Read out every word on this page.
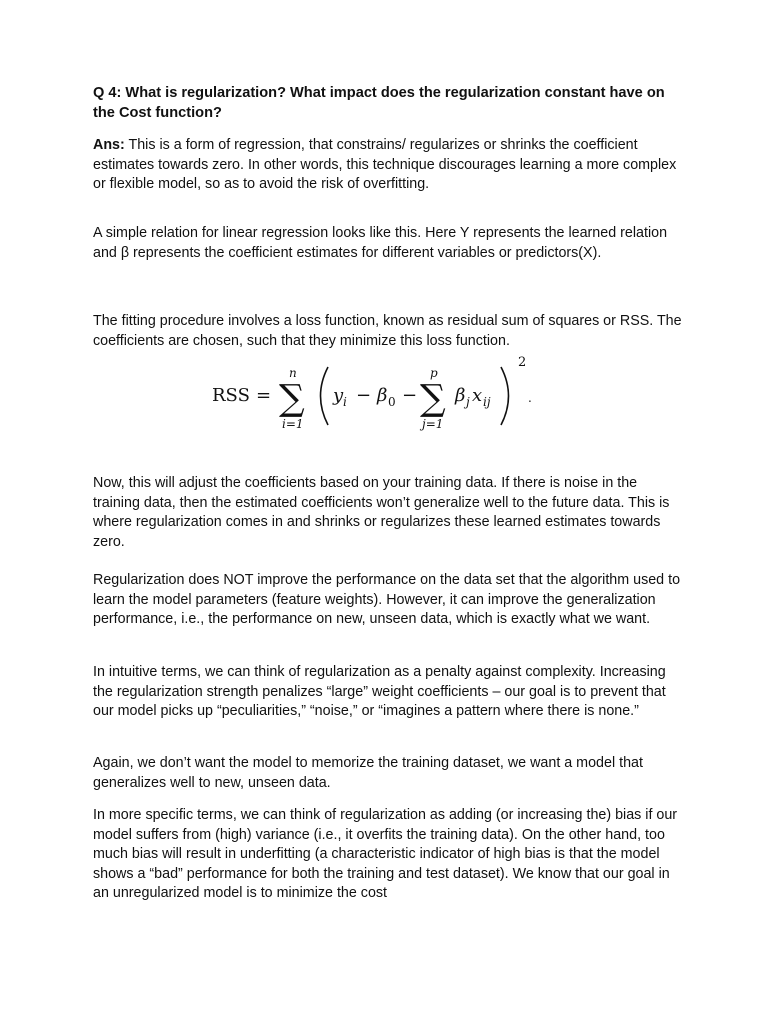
Q 4: What is regularization? What impact does the regularization constant have on the Cost function?

Ans: This is a form of regression, that constrains/ regularizes or shrinks the coefficient estimates towards zero. In other words, this technique discourages learning a more complex or flexible model, so as to avoid the risk of overfitting.

A simple relation for linear regression looks like this. Here Y represents the learned relation and β represents the coefficient estimates for different variables or predictors(X).

The fitting procedure involves a loss function, known as residual sum of squares or RSS. The coefficients are chosen, such that they minimize this loss function.

RSS = ∑
n
i=1
y i − β 0 − ∑
p
j=1
β j x ij
2
.

Now, this will adjust the coefficients based on your training data. If there is noise in the training data, then the estimated coefficients won’t generalize well to the future data. This is where regularization comes in and shrinks or regularizes these learned estimates towards zero.

Regularization does NOT improve the performance on the data set that the algorithm used to learn the model parameters (feature weights). However, it can improve the generalization performance, i.e., the performance on new, unseen data, which is exactly what we want.

In intuitive terms, we can think of regularization as a penalty against complexity. Increasing the regularization strength penalizes “large” weight coefficients – our goal is to prevent that our model picks up “peculiarities,” “noise,” or “imagines a pattern where there is none.”

Again, we don’t want the model to memorize the training dataset, we want a model that generalizes well to new, unseen data.

In more specific terms, we can think of regularization as adding (or increasing the) bias if our model suffers from (high) variance (i.e., it overfits the training data). On the other hand, too much bias will result in underfitting (a characteristic indicator of high bias is that the model shows a “bad” performance for both the training and test dataset). We know that our goal in an unregularized model is to minimize the cost
